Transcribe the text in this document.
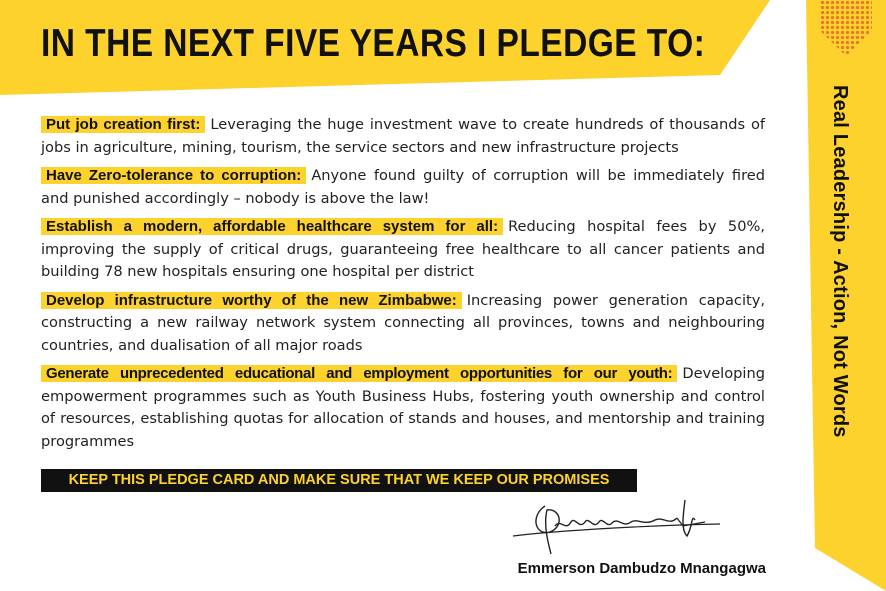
IN THE NEXT FIVE YEARS I PLEDGE TO:
Real Leadership - Action, Not Words

Put job creation first: Leveraging the huge investment wave to create hundreds of thousands of jobs in agriculture, mining, tourism, the service sectors and new infrastructure projects

Have Zero-tolerance to corruption: Anyone found guilty of corruption will be immediately fired and punished accordingly – nobody is above the law!

Establish a modern, affordable healthcare system for all: Reducing hospital fees by 50%, improving the supply of critical drugs, guaranteeing free healthcare to all cancer patients and building 78 new hospitals ensuring one hospital per district

Develop infrastructure worthy of the new Zimbabwe: Increasing power generation capacity, constructing a new railway network system connecting all provinces, towns and neighbouring countries, and dualisation of all major roads

Generate unprecedented educational and employment opportunities for our youth: Developing empowerment programmes such as Youth Business Hubs, fostering youth ownership and control of resources, establishing quotas for allocation of stands and houses, and mentorship and training programmes

KEEP THIS PLEDGE CARD AND MAKE SURE THAT WE KEEP OUR PROMISES
Emmerson Dambudzo Mnangagwa
